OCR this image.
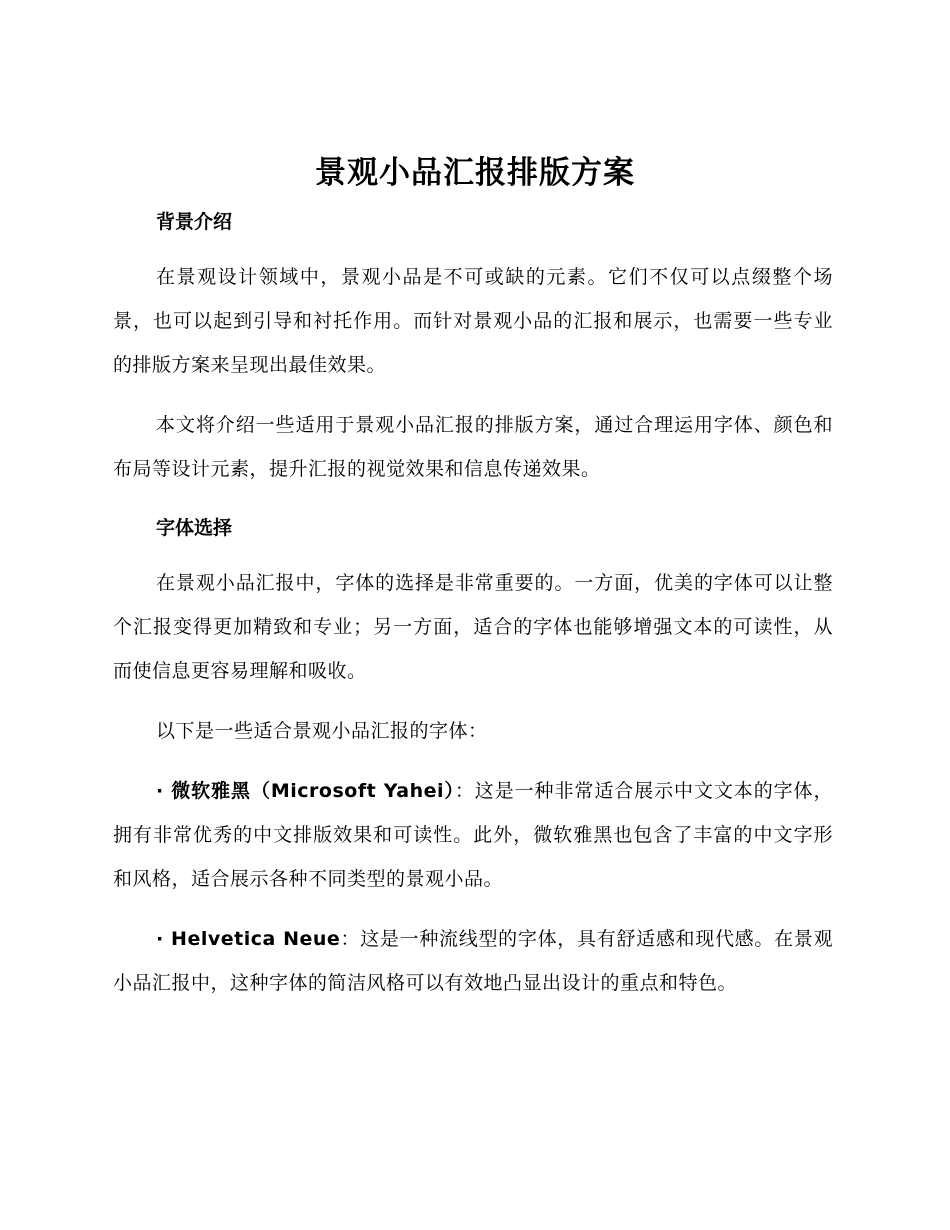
景观小品汇报排版方案
背景介绍

在景观设计领域中，景观小品是不可或缺的元素。它们不仅可以点缀整个场景，也可以起到引导和衬托作用。而针对景观小品的汇报和展示，也需要一些专业的排版方案来呈现出最佳效果。

本文将介绍一些适用于景观小品汇报的排版方案，通过合理运用字体、颜色和布局等设计元素，提升汇报的视觉效果和信息传递效果。

字体选择

在景观小品汇报中，字体的选择是非常重要的。一方面，优美的字体可以让整个汇报变得更加精致和专业；另一方面，适合的字体也能够增强文本的可读性，从而使信息更容易理解和吸收。

以下是一些适合景观小品汇报的字体：

· 微软雅黑（Microsoft Yahei）：这是一种非常适合展示中文文本的字体，拥有非常优秀的中文排版效果和可读性。此外，微软雅黑也包含了丰富的中文字形和风格，适合展示各种不同类型的景观小品。

· Helvetica Neue：这是一种流线型的字体，具有舒适感和现代感。在景观小品汇报中，这种字体的简洁风格可以有效地凸显出设计的重点和特色。
